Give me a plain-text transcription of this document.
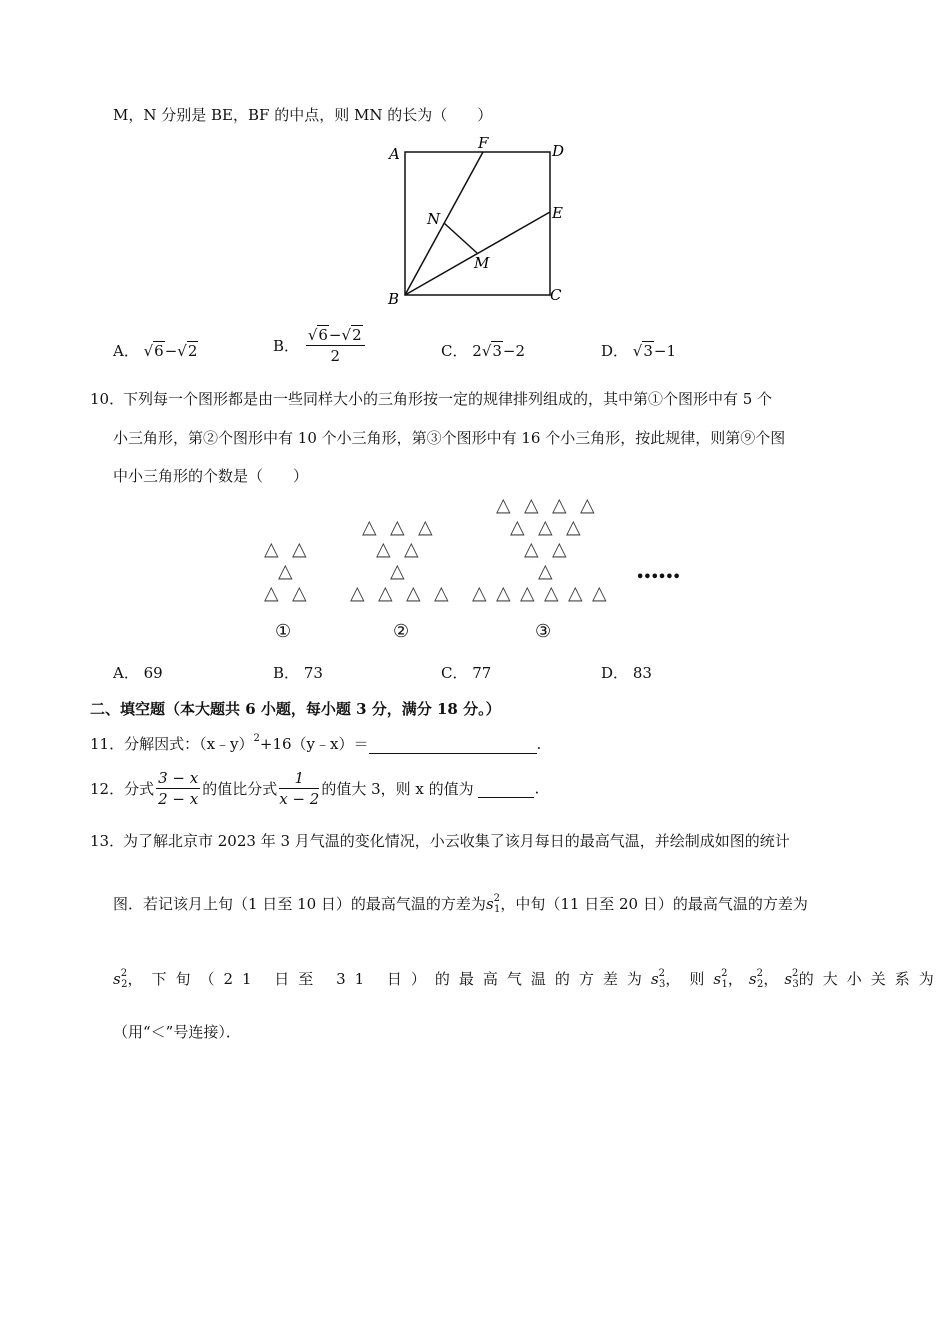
M，N 分别是 BE，BF 的中点，则 MN 的长为（　　）
A
F	D
E
N
M
B	C
A． √6−√2	B． $\frac{√6-√2}{2}$	C． 2√3−2	D． √3−1
10．
下列每一个图形都是由一些同样大小的三角形按一定的规律排列组成的，其中第①个图形中有 5 个
小三角形，第②个图形中有 10 个小三角形，第③个图形中有 16 个小三角形，按此规律，则第⑨个图
中小三角形的个数是（　　）
△ △
△
△ △
△ △ △
△ △
△
△ △ △ △
△ △ △ △
△ △ △
△ △
△
△ △ △ △ △ △
••••••
①	②	③
A． 69	B． 73	C． 77	D． 83
二、填空题（本大题共 6 小题，每小题 3 分，满分 18 分。）
11．分解因式：（x﹣y）$^2$+16（y﹣x）＝	.
12．分式 $\frac{3 - x}{2 - x}$ 的值比分式 $\frac{1}{x - 2}$ 的值大 3，则 x 的值为	.
13．
为了解北京市 2023 年 3 月气温的变化情况，小云收集了该月每日的最高气温，并绘制成如图的统计
图．若记该月上旬（1 日至 10 日）的最高气温的方差为$s^2_1$，中旬（11 日至 20 日）的最高气温的方差为
$s^2_2$，下旬（21 日至 31 日）的最高气温的方差为$s^2_3$，则$s^2_1$， $s^2_2$， $s^2_3$的大小关系为
（用“＜”号连接）．
